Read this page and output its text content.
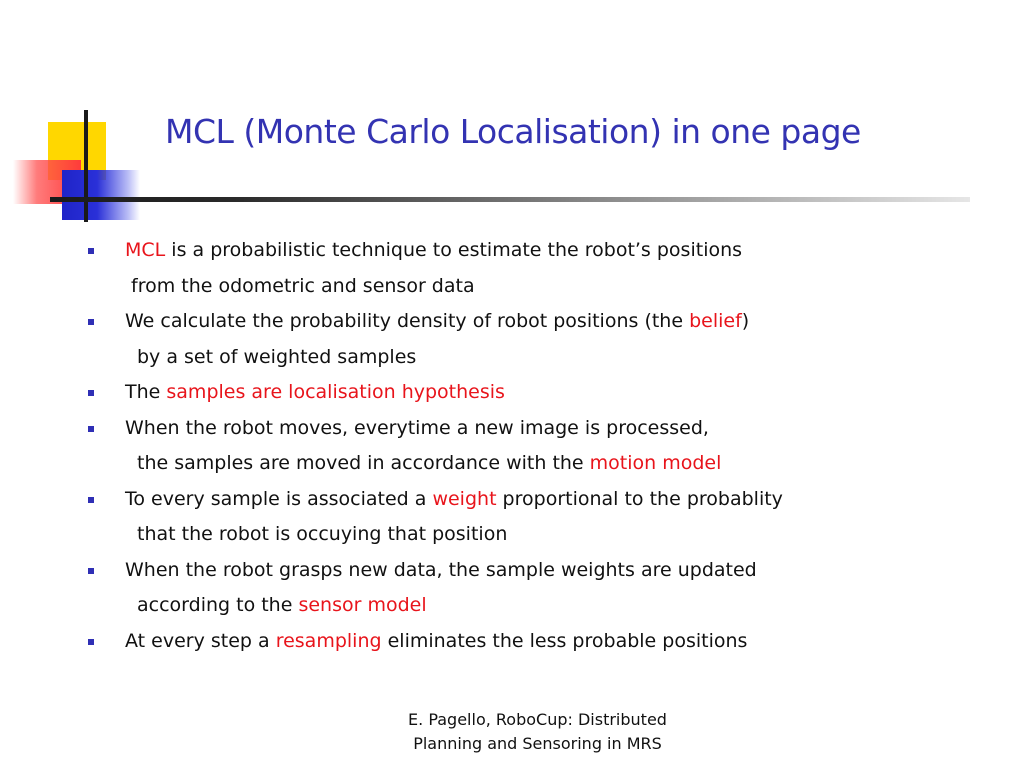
MCL (Monte Carlo Localisation) in one page
MCL is a probabilistic technique to estimate the robot’s positions
from the odometric and sensor data
We calculate the probability density of robot positions (the belief)
by a set of weighted samples
The samples are localisation hypothesis
When the robot moves, everytime a new image is processed,
the samples are moved in accordance with the motion model
To every sample is associated a weight proportional to the probablity
that the robot is occuying that position
When the robot grasps new data, the sample weights are updated
according to the sensor model
At every step a resampling eliminates the less probable positions
E. Pagello, RoboCup: Distributed
Planning and Sensoring in MRS
